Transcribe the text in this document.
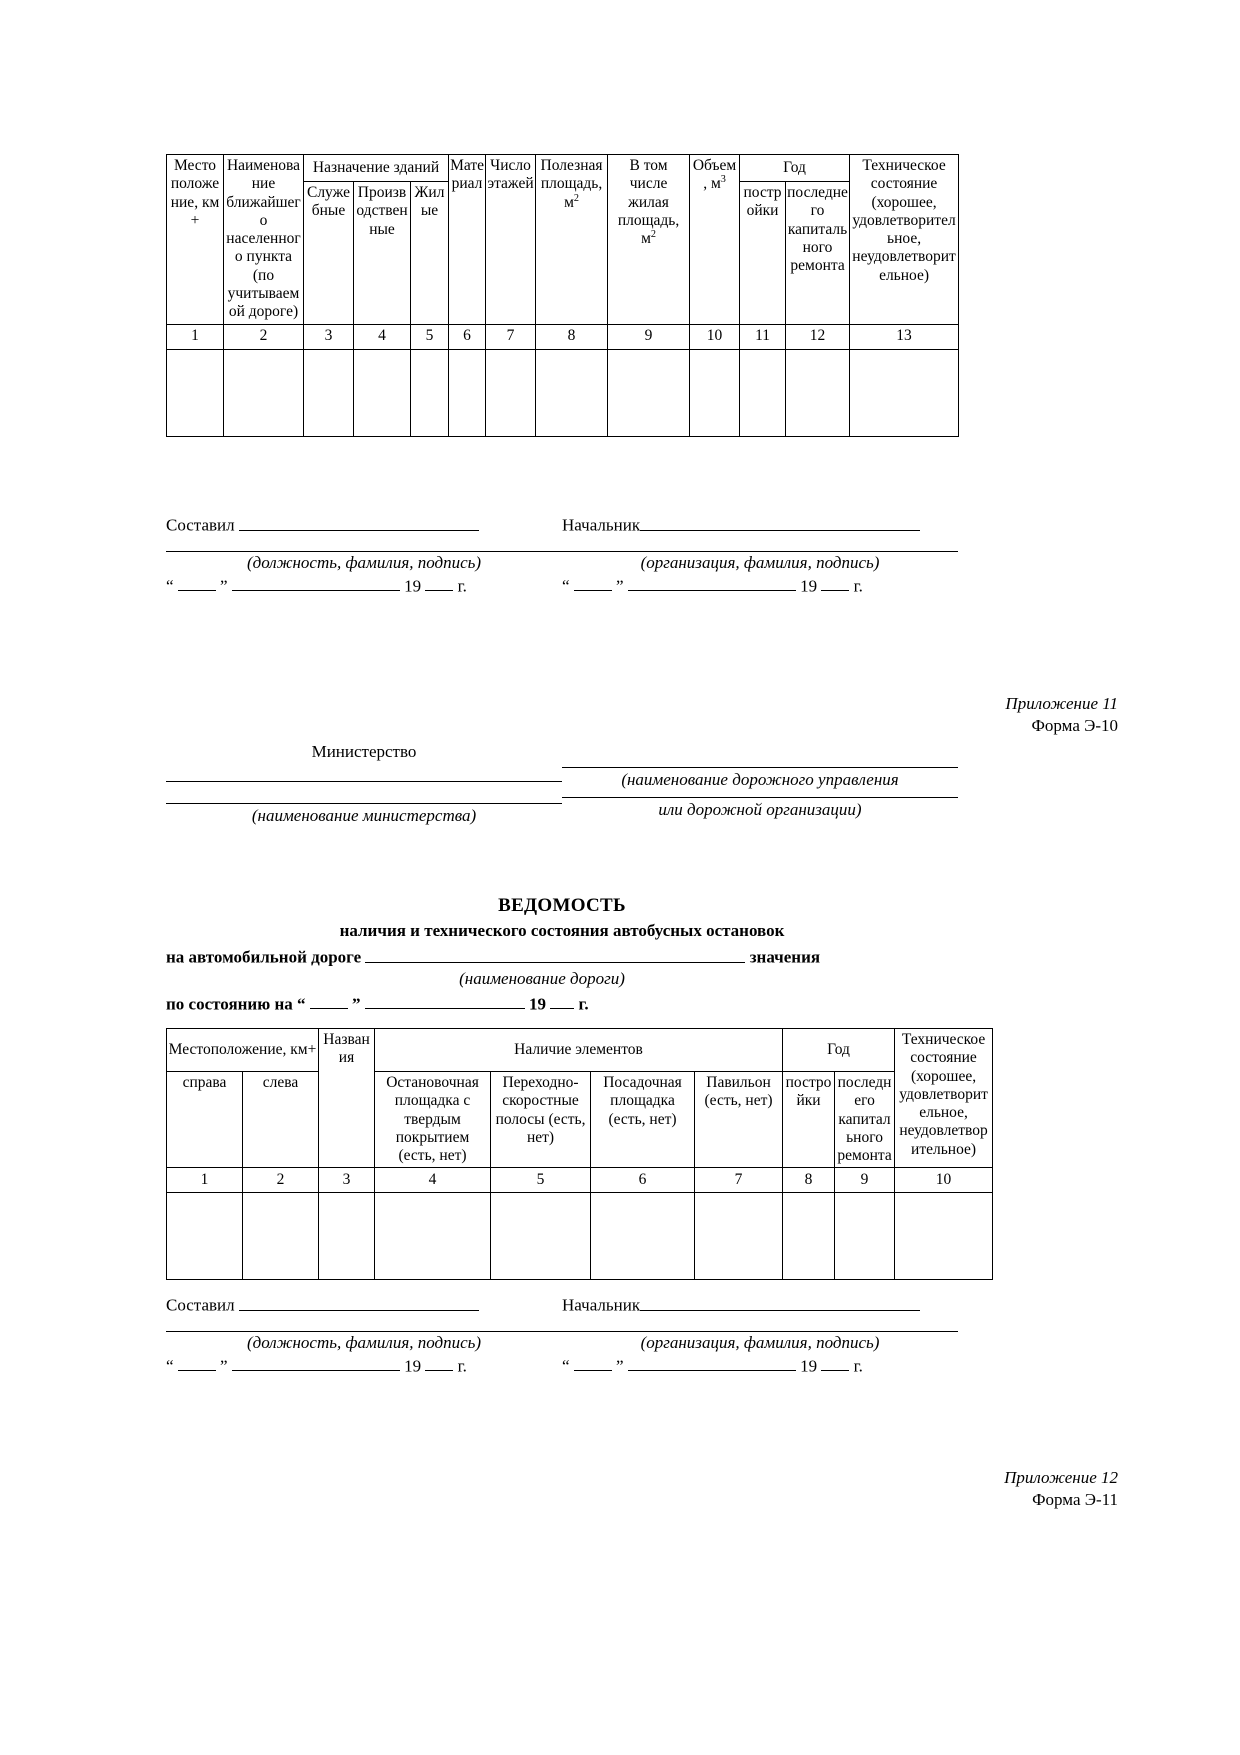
Место положение, км +	Наименование ближайшего населенного пункта (по учитываемой дороге)	Назначение зданий			Материал	Число этажей	Полезная площадь, $м^2$	В том числе жилая площадь, $м^2$	Объем, $м^3$	Год		Техническое состояние (хорошее, удовлетворительное, неудовлетворительное)
		Служебные	Производственные	Жилые						постройки	последнего капитального ремонта	
1	2	3	4	5	6	7	8	9	10	11	12	13

Составил
(должность, фамилия, подпись)
“	”	19 г.
Начальник
(организация, фамилия, подпись)
“	”	19 г.
Приложение 11
Форма Э-10
Министерство
(наименование министерства)
(наименование дорожного управления
или дорожной организации)
ВЕДОМОСТЬ
наличия и технического состояния автобусных остановок
на автомобильной дороге	значения
(наименование дороги)
по состоянию на “	”	19 г.
Местоположение, км+		Названия	Наличие элементов				Год		Техническое состояние (хорошее, удовлетворительное, неудовлетворительное)
справа	слева		Остановочная площадка с твердым покрытием (есть, нет)	Переходно-скоростные полосы (есть, нет)	Посадочная площадка (есть, нет)	Павильон (есть, нет)	постройки	последнего капитального ремонта	
1	2	3	4	5	6	7	8	9	10

Составил
(должность, фамилия, подпись)
“	”	19 г.
Начальник
(организация, фамилия, подпись)
“	”	19 г.
Приложение 12
Форма Э-11
